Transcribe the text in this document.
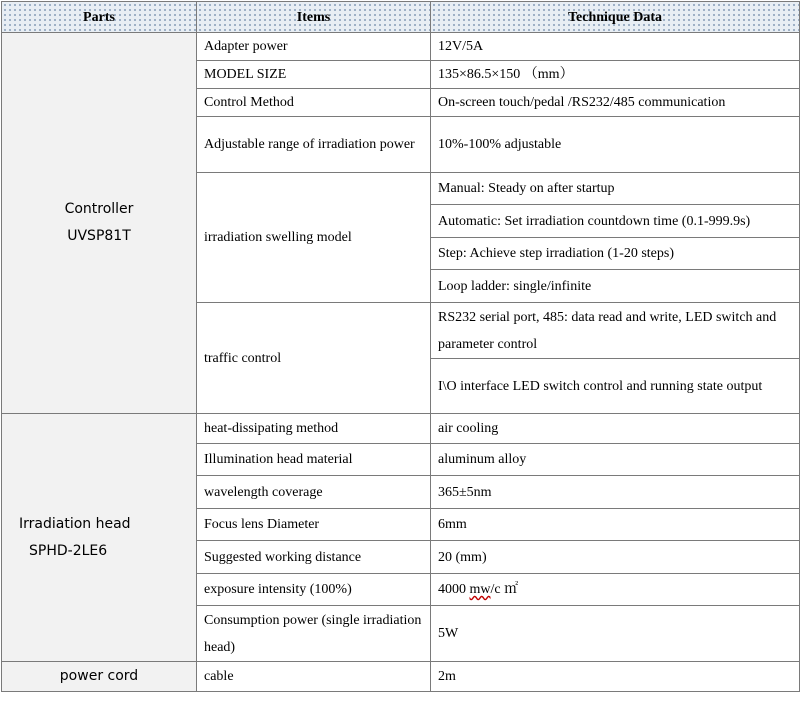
Parts	Items	Technique Data

Controller
UVSP81T	Adapter power	12V/5A
	MODEL SIZE	135×86.5×150 （mm）
	Control Method	On-screen touch/pedal /RS232/485 communication
	Adjustable range of irradiation power	10%-100% adjustable
	irradiation swelling model	Manual: Steady on after startup
		Automatic: Set irradiation countdown time (0.1-999.9s)
		Step: Achieve step irradiation (1-20 steps)
		Loop ladder: single/infinite
	traffic control	RS232 serial port, 485: data read and write, LED switch and parameter control
		I\O interface LED switch control and running state output

Irradiation head
SPHD-2LE6	heat-dissipating method	air cooling
	Illumination head material	aluminum alloy
	wavelength coverage	365±5nm
	Focus lens Diameter	6mm
	Suggested working distance	20 (mm)
	exposure intensity (100%)	4000 mw/c ㎡
	Consumption power (single irradiation head)	5W
power cord	cable	2m
